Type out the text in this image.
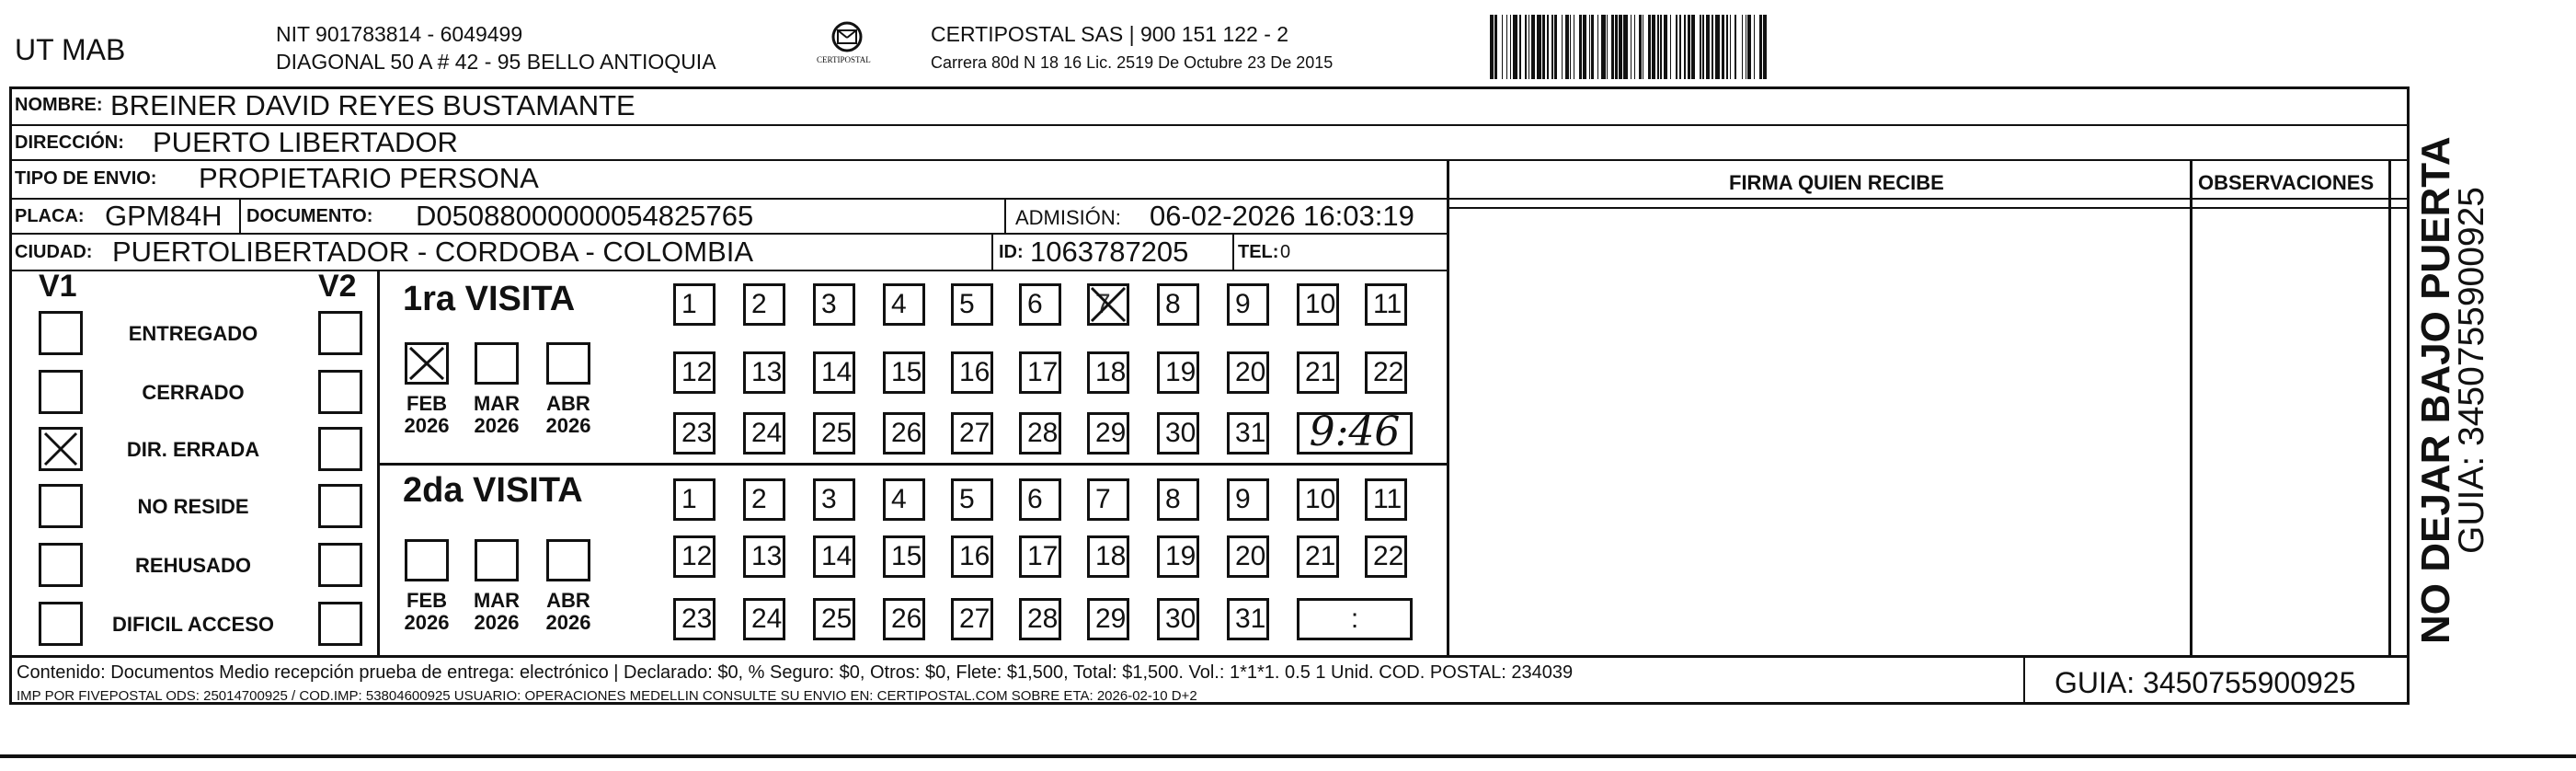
UT MAB	NIT 901783814 - 6049499
DIAGONAL 50 A # 42 - 95 BELLO ANTIOQUIA	CERTIPOSTAL
CERTIPOSTAL SAS | 900 151 122 - 2
Carrera 80d N 18 16 Lic. 2519 De Octubre 23 De 2015
NOMBRE: BREINER DAVID REYES BUSTAMANTE
DIRECCIÓN: PUERTO LIBERTADOR
TIPO DE ENVIO: PROPIETARIO PERSONA	FIRMA QUIEN RECIBE	OBSERVACIONES
PLACA: GPM84H DOCUMENTO: D05088000000054825765	ADMISIÓN: 06-02-2026 16:03:19
CIUDAD: PUERTOLIBERTADOR - CORDOBA - COLOMBIA	ID: 1063787205	TEL: 0
V1	V2
ENTREGADO
CERRADO
DIR. ERRADA
NO RESIDE
REHUSADO
DIFICIL ACCESO
1ra VISITA
2da VISITA
FEB
2026
MAR
2026
ABR
2026
FEB
2026
MAR
2026
ABR
2026
1	2	3	4	5	6	7	8	9	10	11
12	13	14	15	16	17	18	19	20	21	22
23	24	25	26	27	28	29	30	31	9:46
1	2	3	4	5	6	7	8	9	10	11
12	13	14	15	16	17	18	19	20	21	22
23	24	25	26	27	28	29	30	31	:
Contenido: Documentos Medio recepción prueba de entrega: electrónico | Declarado: $0, % Seguro: $0, Otros: $0, Flete: $1,500, Total: $1,500. Vol.: 1*1*1. 0.5 1 Unid. COD. POSTAL: 234039
IMP POR FIVEPOSTAL ODS: 25014700925 / COD.IMP: 53804600925 USUARIO: OPERACIONES MEDELLIN CONSULTE SU ENVIO EN: CERTIPOSTAL.COM SOBRE ETA: 2026-02-10 D+2	GUIA: 3450755900925
NO DEJAR BAJO PUERTA
GUIA: 3450755900925
